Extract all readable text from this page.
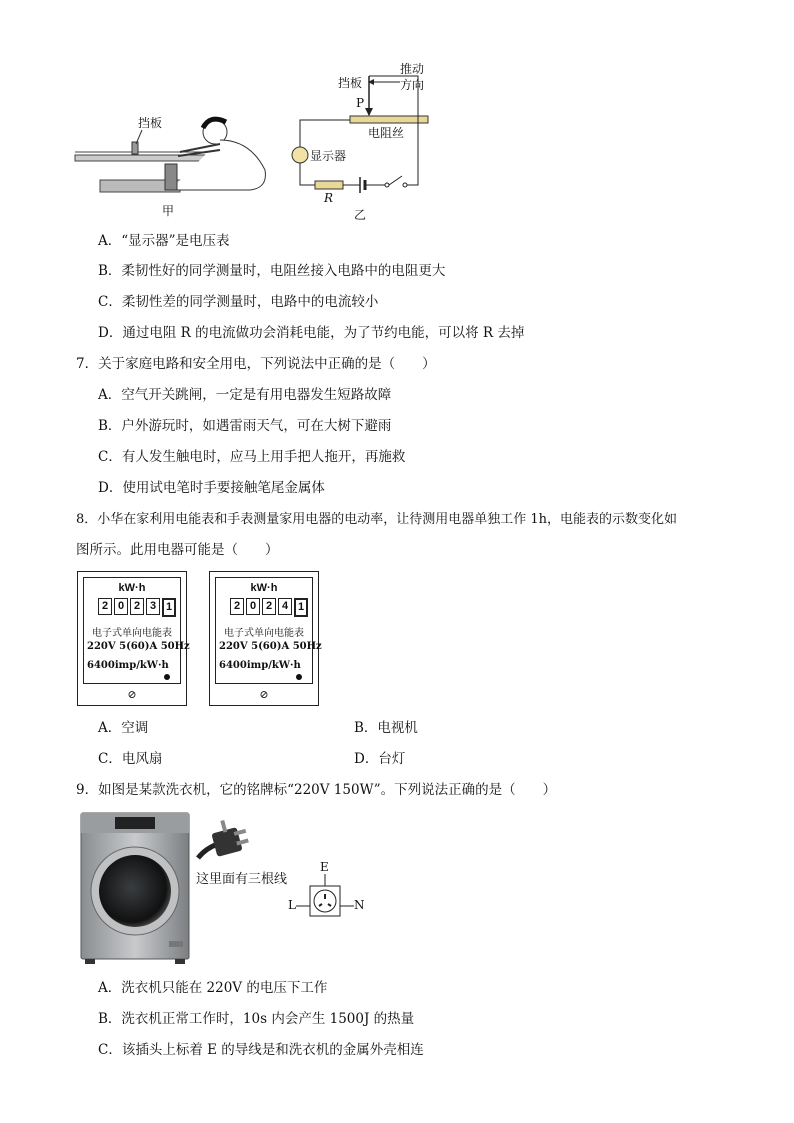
挡板
甲
挡板
推动
方向
P
电阻丝
显示器
R
乙
A．“显示器”是电压表
B．柔韧性好的同学测量时，电阻丝接入电路中的电阻更大
C．柔韧性差的同学测量时，电路中的电流较小
D．通过电阻 R 的电流做功会消耗电能，为了节约电能，可以将 R 去掉
7．关于家庭电路和安全用电，下列说法中正确的是（　　）
A．空气开关跳闸，一定是有用电器发生短路故障
B．户外游玩时，如遇雷雨天气，可在大树下避雨
C．有人发生触电时，应马上用手把人拖开，再施救
D．使用试电笔时手要接触笔尾金属体
8．小华在家利用电能表和手表测量家用电器的电动率，让待测用电器单独工作 1h，电能表的示数变化如
图所示。此用电器可能是（　　）
kW·h
2 0 2 3 1
电子式单向电能表
220V 5(60)A 50Hz
6400imp/kW·h
⊘
kW·h
2 0 2 4 1
电子式单向电能表
220V 5(60)A 50Hz
6400imp/kW·h
⊘
A．空调	B．电视机
C．电风扇	D．台灯
9．如图是某款洗衣机，它的铭牌标“220V 150W”。下列说法正确的是（　　）
这里面有三根线
E
L	N
A．洗衣机只能在 220V 的电压下工作
B．洗衣机正常工作时，10s 内会产生 1500J 的热量
C．该插头上标着 E 的导线是和洗衣机的金属外壳相连
